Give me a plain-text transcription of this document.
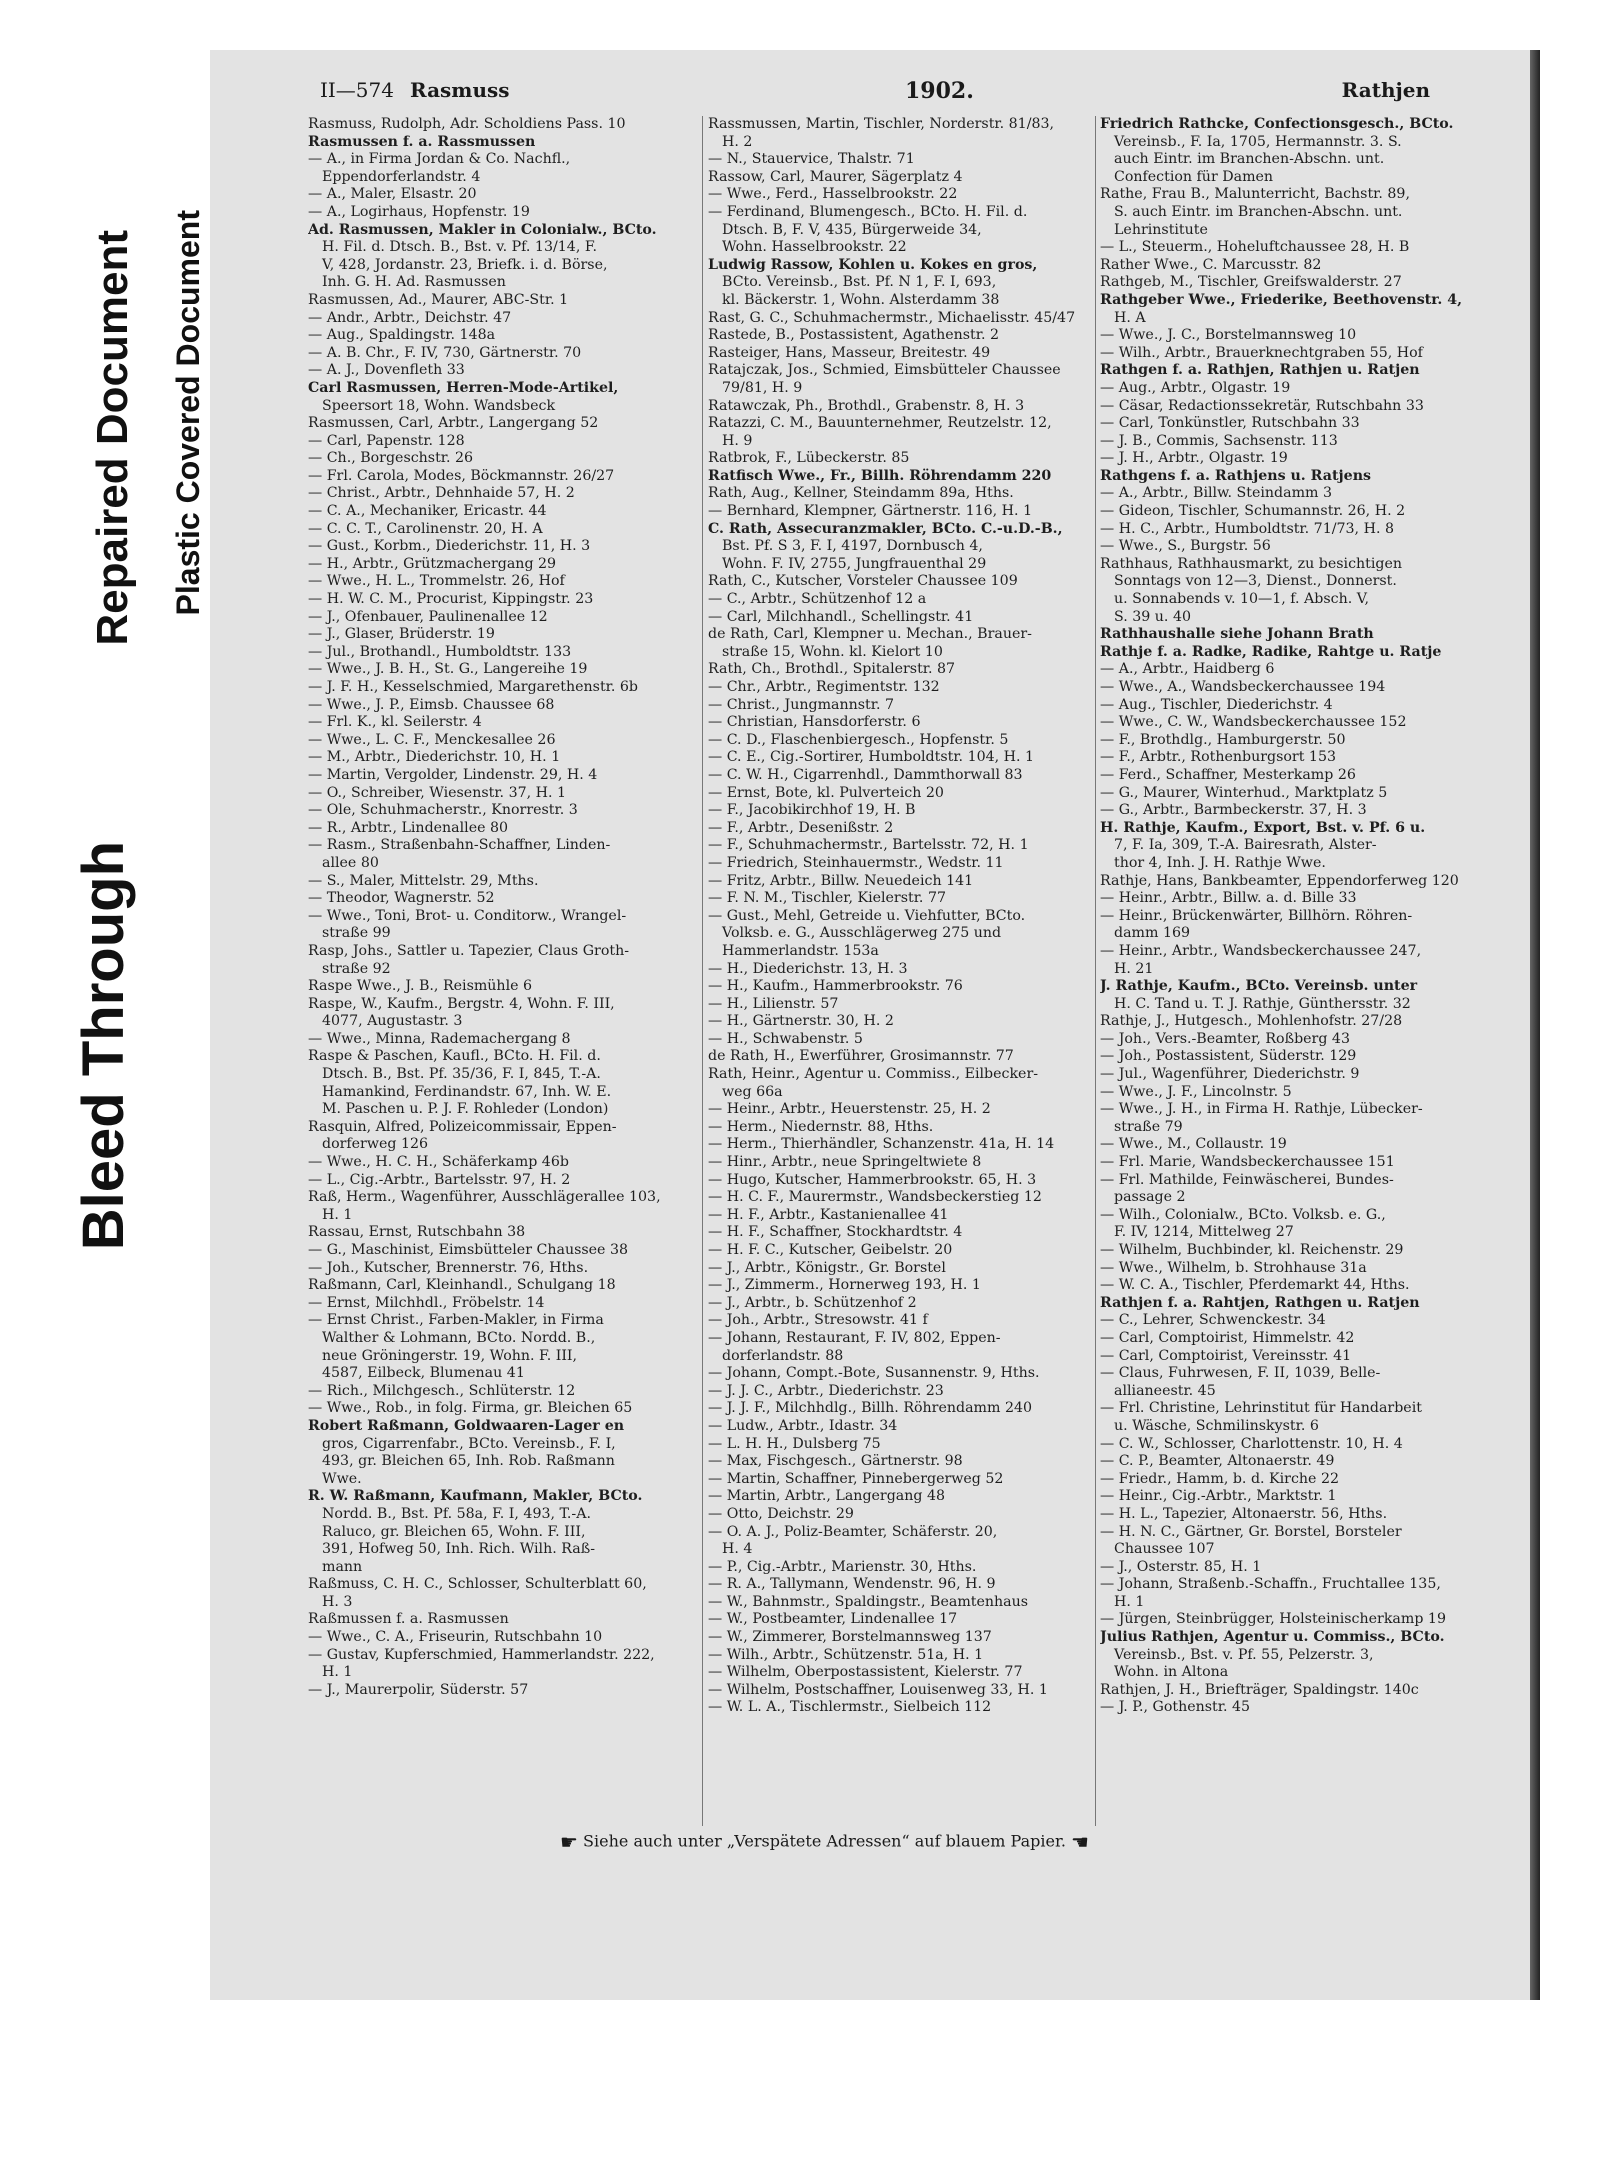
Bleed Through
Repaired Document Plastic Covered Document
II—574 Rasmuss	1902.	Rathjen
Rasmuss, Rudolph, Adr. Scholdiens Pass. 10
Rasmussen f. a. Rassmussen
— A., in Firma Jordan & Co. Nachfl.,
Eppendorferlandstr. 4
— A., Maler, Elsastr. 20
— A., Logirhaus, Hopfenstr. 19
Ad. Rasmussen, Makler in Colonialw., BCto.
H. Fil. d. Dtsch. B., Bst. v. Pf. 13/14, F.
V, 428, Jordanstr. 23, Briefk. i. d. Börse,
Inh. G. H. Ad. Rasmussen
Rasmussen, Ad., Maurer, ABC-Str. 1
— Andr., Arbtr., Deichstr. 47
— Aug., Spaldingstr. 148a
— A. B. Chr., F. IV, 730, Gärtnerstr. 70
— A. J., Dovenfleth 33
Carl Rasmussen, Herren-Mode-Artikel,
Speersort 18, Wohn. Wandsbeck
Rasmussen, Carl, Arbtr., Langergang 52
— Carl, Papenstr. 128
— Ch., Borgeschstr. 26
— Frl. Carola, Modes, Böckmannstr. 26/27
— Christ., Arbtr., Dehnhaide 57, H. 2
— C. A., Mechaniker, Ericastr. 44
— C. C. T., Carolinenstr. 20, H. A
— Gust., Korbm., Diederichstr. 11, H. 3
— H., Arbtr., Grützmachergang 29
— Wwe., H. L., Trommelstr. 26, Hof
— H. W. C. M., Procurist, Kippingstr. 23
— J., Ofenbauer, Paulinenallee 12
— J., Glaser, Brüderstr. 19
— Jul., Brothandl., Humboldtstr. 133
— Wwe., J. B. H., St. G., Langereihe 19
— J. F. H., Kesselschmied, Margarethenstr. 6b
— Wwe., J. P., Eimsb. Chaussee 68
— Frl. K., kl. Seilerstr. 4
— Wwe., L. C. F., Menckesallee 26
— M., Arbtr., Diederichstr. 10, H. 1
— Martin, Vergolder, Lindenstr. 29, H. 4
— O., Schreiber, Wiesenstr. 37, H. 1
— Ole, Schuhmacherstr., Knorrestr. 3
— R., Arbtr., Lindenallee 80
— Rasm., Straßenbahn-Schaffner, Linden-
allee 80
— S., Maler, Mittelstr. 29, Mths.
— Theodor, Wagnerstr. 52
— Wwe., Toni, Brot- u. Conditorw., Wrangel-
straße 99
Rasp, Johs., Sattler u. Tapezier, Claus Groth-
straße 92
Raspe Wwe., J. B., Reismühle 6
Raspe, W., Kaufm., Bergstr. 4, Wohn. F. III,
4077, Augustastr. 3
— Wwe., Minna, Rademachergang 8
Raspe & Paschen, Kaufl., BCto. H. Fil. d.
Dtsch. B., Bst. Pf. 35/36, F. I, 845, T.-A.
Hamankind, Ferdinandstr. 67, Inh. W. E.
M. Paschen u. P. J. F. Rohleder (London)
Rasquin, Alfred, Polizeicommissair, Eppen-
dorferweg 126
— Wwe., H. C. H., Schäferkamp 46b
— L., Cig.-Arbtr., Bartelsstr. 97, H. 2
Raß, Herm., Wagenführer, Ausschlägerallee 103,
H. 1
Rassau, Ernst, Rutschbahn 38
— G., Maschinist, Eimsbütteler Chaussee 38
— Joh., Kutscher, Brennerstr. 76, Hths.
Raßmann, Carl, Kleinhandl., Schulgang 18
— Ernst, Milchhdl., Fröbelstr. 14
— Ernst Christ., Farben-Makler, in Firma
Walther & Lohmann, BCto. Nordd. B.,
neue Gröningerstr. 19, Wohn. F. III,
4587, Eilbeck, Blumenau 41
— Rich., Milchgesch., Schlüterstr. 12
— Wwe., Rob., in folg. Firma, gr. Bleichen 65
Robert Raßmann, Goldwaaren-Lager en
gros, Cigarrenfabr., BCto. Vereinsb., F. I,
493, gr. Bleichen 65, Inh. Rob. Raßmann
Wwe.
R. W. Raßmann, Kaufmann, Makler, BCto.
Nordd. B., Bst. Pf. 58a, F. I, 493, T.-A.
Raluco, gr. Bleichen 65, Wohn. F. III,
391, Hofweg 50, Inh. Rich. Wilh. Raß-
mann
Raßmuss, C. H. C., Schlosser, Schulterblatt 60,
H. 3
Raßmussen f. a. Rasmussen
— Wwe., C. A., Friseurin, Rutschbahn 10
— Gustav, Kupferschmied, Hammerlandstr. 222,
H. 1
— J., Maurerpolir, Süderstr. 57
Rassmussen, Martin, Tischler, Norderstr. 81/83,
H. 2
— N., Stauervice, Thalstr. 71
Rassow, Carl, Maurer, Sägerplatz 4
— Wwe., Ferd., Hasselbrookstr. 22
— Ferdinand, Blumengesch., BCto. H. Fil. d.
Dtsch. B, F. V, 435, Bürgerweide 34,
Wohn. Hasselbrookstr. 22
Ludwig Rassow, Kohlen u. Kokes en gros,
BCto. Vereinsb., Bst. Pf. N 1, F. I, 693,
kl. Bäckerstr. 1, Wohn. Alsterdamm 38
Rast, G. C., Schuhmachermstr., Michaelisstr. 45/47
Rastede, B., Postassistent, Agathenstr. 2
Rasteiger, Hans, Masseur, Breitestr. 49
Ratajczak, Jos., Schmied, Eimsbütteler Chaussee
79/81, H. 9
Ratawczak, Ph., Brothdl., Grabenstr. 8, H. 3
Ratazzi, C. M., Bauunternehmer, Reutzelstr. 12,
H. 9
Ratbrok, F., Lübeckerstr. 85
Ratfisch Wwe., Fr., Billh. Röhrendamm 220
Rath, Aug., Kellner, Steindamm 89a, Hths.
— Bernhard, Klempner, Gärtnerstr. 116, H. 1
C. Rath, Assecuranzmakler, BCto. C.-u.D.-B.,
Bst. Pf. S 3, F. I, 4197, Dornbusch 4,
Wohn. F. IV, 2755, Jungfrauenthal 29
Rath, C., Kutscher, Vorsteler Chaussee 109
— C., Arbtr., Schützenhof 12 a
— Carl, Milchhandl., Schellingstr. 41
de Rath, Carl, Klempner u. Mechan., Brauer-
straße 15, Wohn. kl. Kielort 10
Rath, Ch., Brothdl., Spitalerstr. 87
— Chr., Arbtr., Regimentstr. 132
— Christ., Jungmannstr. 7
— Christian, Hansdorferstr. 6
— C. D., Flaschenbiergesch., Hopfenstr. 5
— C. E., Cig.-Sortirer, Humboldtstr. 104, H. 1
— C. W. H., Cigarrenhdl., Dammthorwall 83
— Ernst, Bote, kl. Pulverteich 20
— F., Jacobikirchhof 19, H. B
— F., Arbtr., Desenißstr. 2
— F., Schuhmachermstr., Bartelsstr. 72, H. 1
— Friedrich, Steinhauermstr., Wedstr. 11
— Fritz, Arbtr., Billw. Neuedeich 141
— F. N. M., Tischler, Kielerstr. 77
— Gust., Mehl, Getreide u. Viehfutter, BCto.
Volksb. e. G., Ausschlägerweg 275 und
Hammerlandstr. 153a
— H., Diederichstr. 13, H. 3
— H., Kaufm., Hammerbrookstr. 76
— H., Lilienstr. 57
— H., Gärtnerstr. 30, H. 2
— H., Schwabenstr. 5
de Rath, H., Ewerführer, Grosimannstr. 77
Rath, Heinr., Agentur u. Commiss., Eilbecker-
weg 66a
— Heinr., Arbtr., Heuerstenstr. 25, H. 2
— Herm., Niedernstr. 88, Hths.
— Herm., Thierhändler, Schanzenstr. 41a, H. 14
— Hinr., Arbtr., neue Springeltwiete 8
— Hugo, Kutscher, Hammerbrookstr. 65, H. 3
— H. C. F., Maurermstr., Wandsbeckerstieg 12
— H. F., Arbtr., Kastanienallee 41
— H. F., Schaffner, Stockhardtstr. 4
— H. F. C., Kutscher, Geibelstr. 20
— J., Arbtr., Königstr., Gr. Borstel
— J., Zimmerm., Hornerweg 193, H. 1
— J., Arbtr., b. Schützenhof 2
— Joh., Arbtr., Stresowstr. 41 f
— Johann, Restaurant, F. IV, 802, Eppen-
dorferlandstr. 88
— Johann, Compt.-Bote, Susannenstr. 9, Hths.
— J. J. C., Arbtr., Diederichstr. 23
— J. J. F., Milchhdlg., Billh. Röhrendamm 240
— Ludw., Arbtr., Idastr. 34
— L. H. H., Dulsberg 75
— Max, Fischgesch., Gärtnerstr. 98
— Martin, Schaffner, Pinnebergerweg 52
— Martin, Arbtr., Langergang 48
— Otto, Deichstr. 29
— O. A. J., Poliz-Beamter, Schäferstr. 20,
H. 4
— P., Cig.-Arbtr., Marienstr. 30, Hths.
— R. A., Tallymann, Wendenstr. 96, H. 9
— W., Bahnmstr., Spaldingstr., Beamtenhaus
— W., Postbeamter, Lindenallee 17
— W., Zimmerer, Borstelmannsweg 137
— Wilh., Arbtr., Schützenstr. 51a, H. 1
— Wilhelm, Oberpostassistent, Kielerstr. 77
— Wilhelm, Postschaffner, Louisenweg 33, H. 1
— W. L. A., Tischlermstr., Sielbeich 112
Friedrich Rathcke, Confectionsgesch., BCto.
Vereinsb., F. Ia, 1705, Hermannstr. 3. S.
auch Eintr. im Branchen-Abschn. unt.
Confection für Damen
Rathe, Frau B., Malunterricht, Bachstr. 89,
S. auch Eintr. im Branchen-Abschn. unt.
Lehrinstitute
— L., Steuerm., Hoheluftchaussee 28, H. B
Rather Wwe., C. Marcusstr. 82
Rathgeb, M., Tischler, Greifswalderstr. 27
Rathgeber Wwe., Friederike, Beethovenstr. 4,
H. A
— Wwe., J. C., Borstelmannsweg 10
— Wilh., Arbtr., Brauerknechtgraben 55, Hof
Rathgen f. a. Rathjen, Rathjen u. Ratjen
— Aug., Arbtr., Olgastr. 19
— Cäsar, Redactionssekretär, Rutschbahn 33
— Carl, Tonkünstler, Rutschbahn 33
— J. B., Commis, Sachsenstr. 113
— J. H., Arbtr., Olgastr. 19
Rathgens f. a. Rathjens u. Ratjens
— A., Arbtr., Billw. Steindamm 3
— Gideon, Tischler, Schumannstr. 26, H. 2
— H. C., Arbtr., Humboldtstr. 71/73, H. 8
— Wwe., S., Burgstr. 56
Rathhaus, Rathhausmarkt, zu besichtigen
Sonntags von 12—3, Dienst., Donnerst.
u. Sonnabends v. 10—1, f. Absch. V,
S. 39 u. 40
Rathhaushalle siehe Johann Brath
Rathje f. a. Radke, Radike, Rahtge u. Ratje
— A., Arbtr., Haidberg 6
— Wwe., A., Wandsbeckerchaussee 194
— Aug., Tischler, Diederichstr. 4
— Wwe., C. W., Wandsbeckerchaussee 152
— F., Brothdlg., Hamburgerstr. 50
— F., Arbtr., Rothenburgsort 153
— Ferd., Schaffner, Mesterkamp 26
— G., Maurer, Winterhud., Marktplatz 5
— G., Arbtr., Barmbeckerstr. 37, H. 3
H. Rathje, Kaufm., Export, Bst. v. Pf. 6 u.
7, F. Ia, 309, T.-A. Bairesrath, Alster-
thor 4, Inh. J. H. Rathje Wwe.
Rathje, Hans, Bankbeamter, Eppendorferweg 120
— Heinr., Arbtr., Billw. a. d. Bille 33
— Heinr., Brückenwärter, Billhörn. Röhren-
damm 169
— Heinr., Arbtr., Wandsbeckerchaussee 247,
H. 21
J. Rathje, Kaufm., BCto. Vereinsb. unter
H. C. Tand u. T. J. Rathje, Günthersstr. 32
Rathje, J., Hutgesch., Mohlenhofstr. 27/28
— Joh., Vers.-Beamter, Roßberg 43
— Joh., Postassistent, Süderstr. 129
— Jul., Wagenführer, Diederichstr. 9
— Wwe., J. F., Lincolnstr. 5
— Wwe., J. H., in Firma H. Rathje, Lübecker-
straße 79
— Wwe., M., Collaustr. 19
— Frl. Marie, Wandsbeckerchaussee 151
— Frl. Mathilde, Feinwäscherei, Bundes-
passage 2
— Wilh., Colonialw., BCto. Volksb. e. G.,
F. IV, 1214, Mittelweg 27
— Wilhelm, Buchbinder, kl. Reichenstr. 29
— Wwe., Wilhelm, b. Strohhause 31a
— W. C. A., Tischler, Pferdemarkt 44, Hths.
Rathjen f. a. Rahtjen, Rathgen u. Ratjen
— C., Lehrer, Schwenckestr. 34
— Carl, Comptoirist, Himmelstr. 42
— Carl, Comptoirist, Vereinsstr. 41
— Claus, Fuhrwesen, F. II, 1039, Belle-
allianeestr. 45
— Frl. Christine, Lehrinstitut für Handarbeit
u. Wäsche, Schmilinskystr. 6
— C. W., Schlosser, Charlottenstr. 10, H. 4
— C. P., Beamter, Altonaerstr. 49
— Friedr., Hamm, b. d. Kirche 22
— Heinr., Cig.-Arbtr., Marktstr. 1
— H. L., Tapezier, Altonaerstr. 56, Hths.
— H. N. C., Gärtner, Gr. Borstel, Borsteler
Chaussee 107
— J., Osterstr. 85, H. 1
— Johann, Straßenb.-Schaffn., Fruchtallee 135,
H. 1
— Jürgen, Steinbrügger, Holsteinischerkamp 19
Julius Rathjen, Agentur u. Commiss., BCto.
Vereinsb., Bst. v. Pf. 55, Pelzerstr. 3,
Wohn. in Altona
Rathjen, J. H., Briefträger, Spaldingstr. 140c
— J. P., Gothenstr. 45
☛ Siehe auch unter „Verspätete Adressen“ auf blauem Papier. ☚
